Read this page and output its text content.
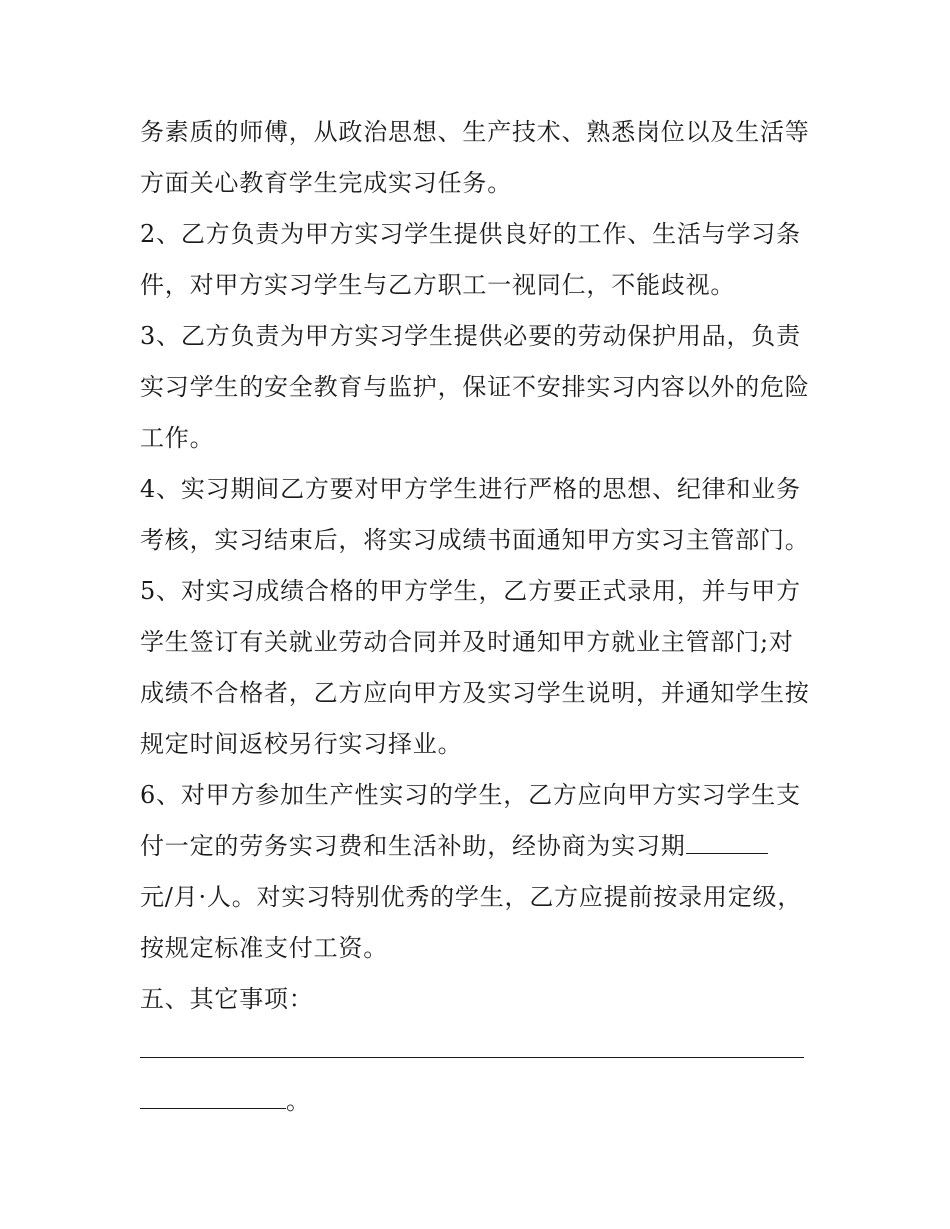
务素质的师傅，从政治思想、生产技术、熟悉岗位以及生活等
方面关心教育学生完成实习任务。
2、乙方负责为甲方实习学生提供良好的工作、生活与学习条
件，对甲方实习学生与乙方职工一视同仁，不能歧视。
3、乙方负责为甲方实习学生提供必要的劳动保护用品，负责
实习学生的安全教育与监护，保证不安排实习内容以外的危险
工作。
4、实习期间乙方要对甲方学生进行严格的思想、纪律和业务
考核，实习结束后，将实习成绩书面通知甲方实习主管部门。
5、对实习成绩合格的甲方学生，乙方要正式录用，并与甲方
学生签订有关就业劳动合同并及时通知甲方就业主管部门;对
成绩不合格者，乙方应向甲方及实习学生说明，并通知学生按
规定时间返校另行实习择业。
6、对甲方参加生产性实习的学生，乙方应向甲方实习学生支
付一定的劳务实习费和生活补助，经协商为实习期
元/月·人。对实习特别优秀的学生，乙方应提前按录用定级，
按规定标准支付工资。
五、其它事项：
。
